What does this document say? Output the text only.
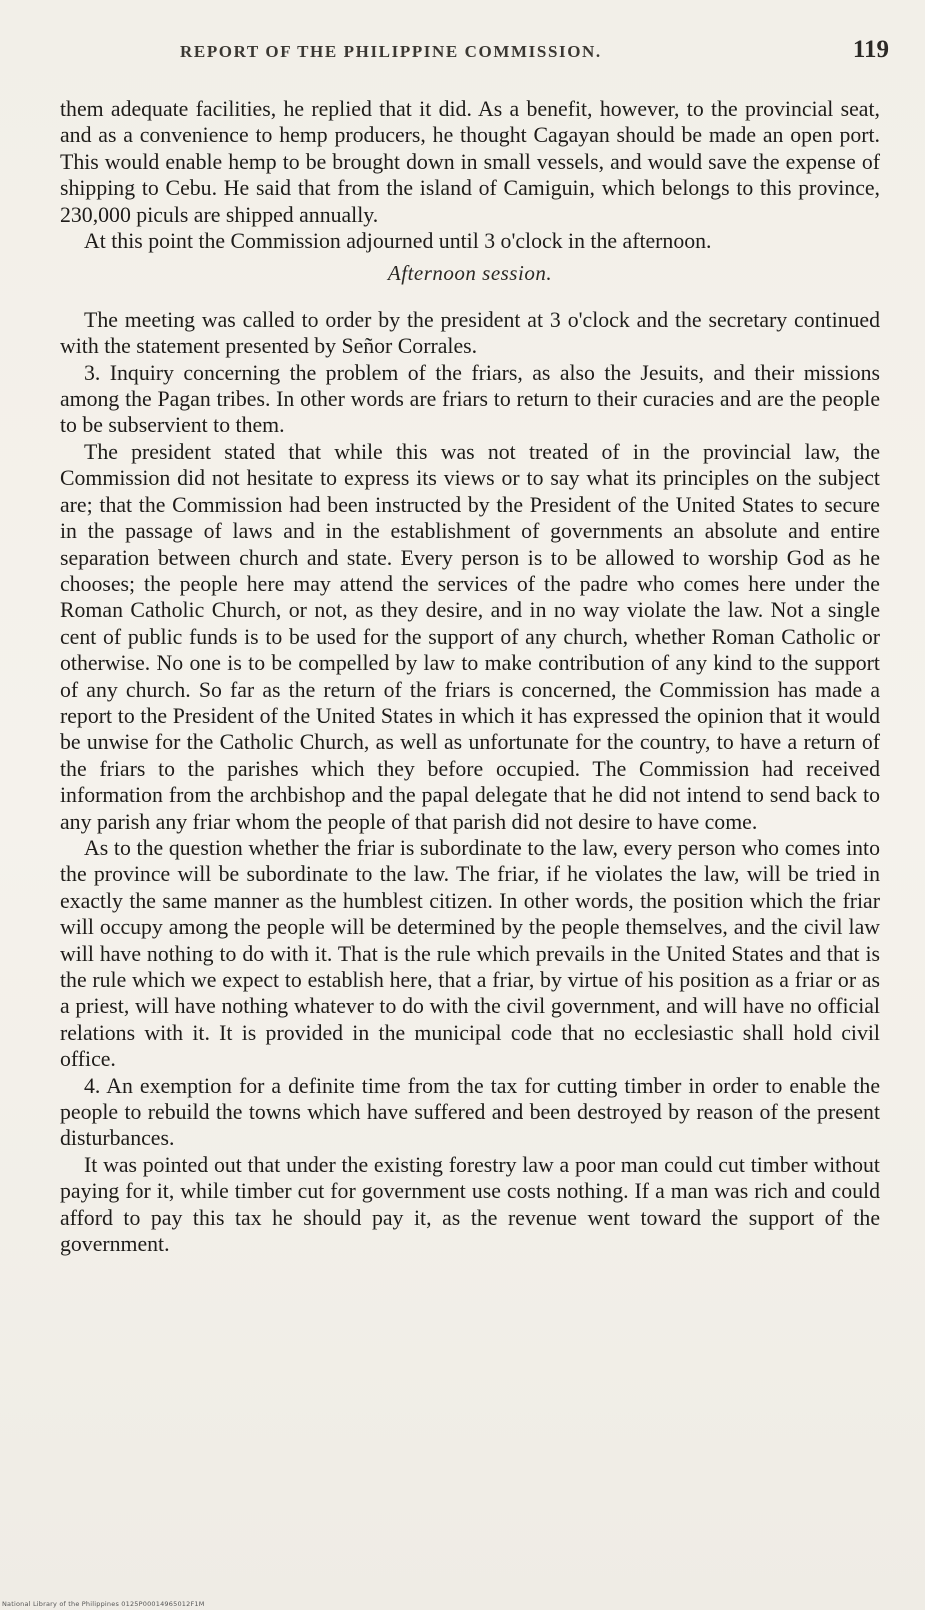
REPORT OF THE PHILIPPINE COMMISSION.	119

them adequate facilities, he replied that it did. As a benefit, however, to the provincial seat, and as a convenience to hemp producers, he thought Cagayan should be made an open port. This would enable hemp to be brought down in small vessels, and would save the expense of shipping to Cebu. He said that from the island of Camiguin, which belongs to this province, 230,000 piculs are shipped annually.

At this point the Commission adjourned until 3 o'clock in the afternoon.

Afternoon session.

The meeting was called to order by the president at 3 o'clock and the secretary continued with the statement presented by Señor Corrales.

3. Inquiry concerning the problem of the friars, as also the Jesuits, and their missions among the Pagan tribes. In other words are friars to return to their curacies and are the people to be subservient to them.

The president stated that while this was not treated of in the provincial law, the Commission did not hesitate to express its views or to say what its principles on the subject are; that the Commission had been instructed by the President of the United States to secure in the passage of laws and in the establishment of governments an absolute and entire separation between church and state. Every person is to be allowed to worship God as he chooses; the people here may attend the services of the padre who comes here under the Roman Catholic Church, or not, as they desire, and in no way violate the law. Not a single cent of public funds is to be used for the support of any church, whether Roman Catholic or otherwise. No one is to be compelled by law to make contribution of any kind to the support of any church. So far as the return of the friars is concerned, the Commission has made a report to the President of the United States in which it has expressed the opinion that it would be unwise for the Catholic Church, as well as unfortunate for the country, to have a return of the friars to the parishes which they before occupied. The Commission had received information from the archbishop and the papal delegate that he did not intend to send back to any parish any friar whom the people of that parish did not desire to have come.

As to the question whether the friar is subordinate to the law, every person who comes into the province will be subordinate to the law. The friar, if he violates the law, will be tried in exactly the same manner as the humblest citizen. In other words, the position which the friar will occupy among the people will be determined by the people themselves, and the civil law will have nothing to do with it. That is the rule which prevails in the United States and that is the rule which we expect to establish here, that a friar, by virtue of his position as a friar or as a priest, will have nothing whatever to do with the civil government, and will have no official relations with it. It is provided in the municipal code that no ecclesiastic shall hold civil office.

4. An exemption for a definite time from the tax for cutting timber in order to enable the people to rebuild the towns which have suffered and been destroyed by reason of the present disturbances.

It was pointed out that under the existing forestry law a poor man could cut timber without paying for it, while timber cut for government use costs nothing. If a man was rich and could afford to pay this tax he should pay it, as the revenue went toward the support of the government.

National Library of the Philippines 0125P00014965012F1M
